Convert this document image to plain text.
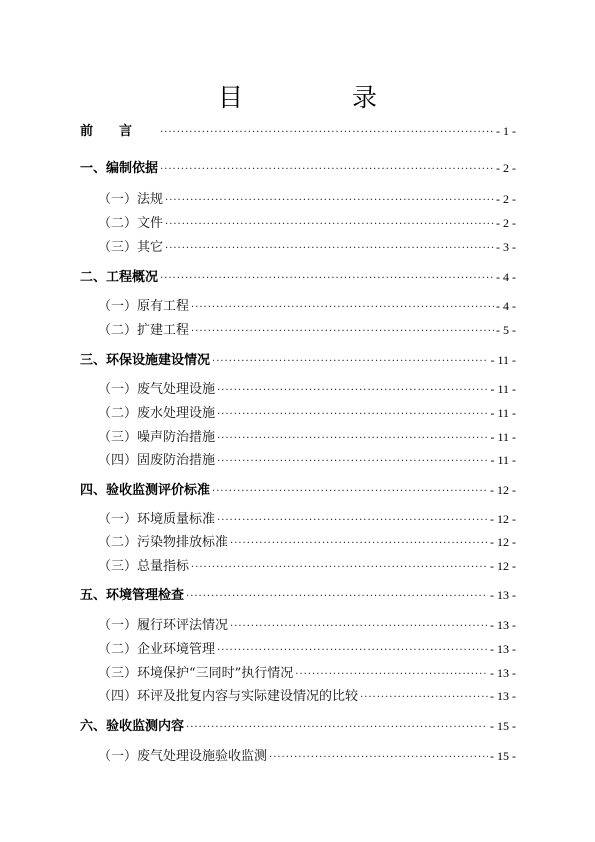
目　录
前言 ·····	- 1 -
一、编制依据 ·····	- 2 -
（一）法规 ·····	- 2 -
（二）文件 ·····	- 2 -
（三）其它 ·····	- 3 -
二、工程概况 ·····	- 4 -
（一）原有工程 ·····	- 4 -
（二）扩建工程 ·····	- 5 -
三、环保设施建设情况 ·····	- 11 -
（一）废气处理设施 ·····	- 11 -
（二）废水处理设施 ·····	- 11 -
（三）噪声防治措施 ·····	- 11 -
（四）固废防治措施 ·····	- 11 -
四、验收监测评价标准 ·····	- 12 -
（一）环境质量标准 ·····	- 12 -
（二）污染物排放标准 ·····	- 12 -
（三）总量指标 ·····	- 12 -
五、环境管理检查 ·····	- 13 -
（一）履行环评法情况 ·····	- 13 -
（二）企业环境管理 ·····	- 13 -
（三）环境保护“三同时”执行情况 ·····	- 13 -
（四）环评及批复内容与实际建设情况的比较 ·····	- 13 -
六、验收监测内容 ·····	- 15 -
（一）废气处理设施验收监测 ·····	- 15 -
